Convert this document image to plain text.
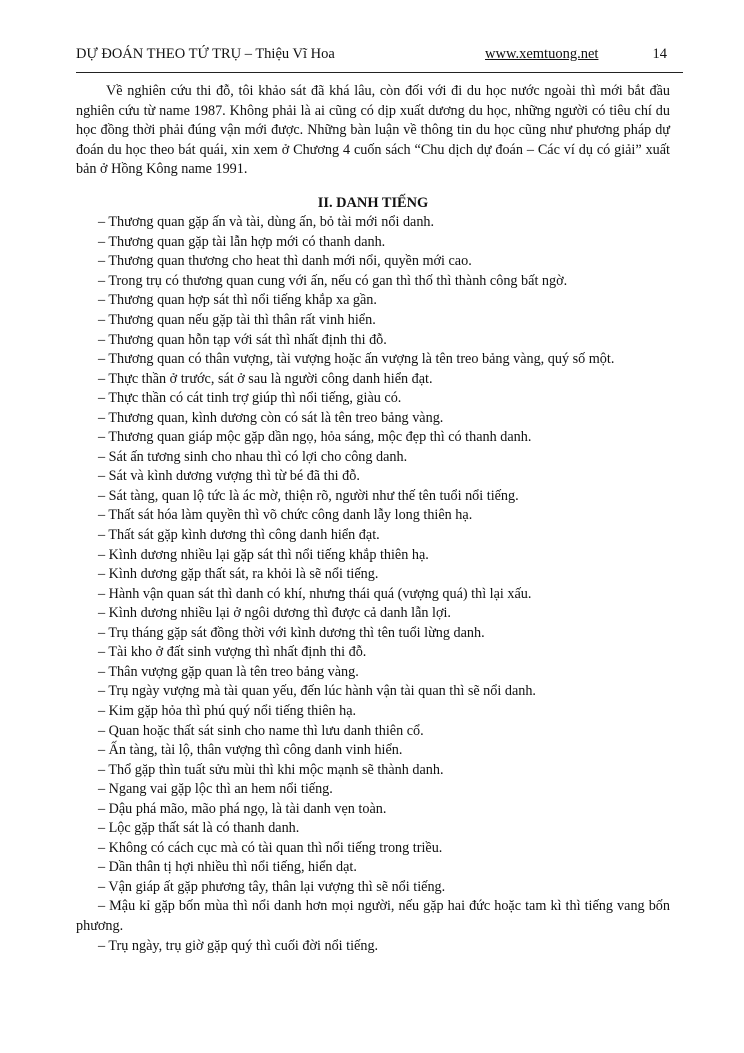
DỰ ĐOÁN THEO TỨ TRỤ – Thiệu Vĩ Hoa	www.xemtuong.net	14

Về nghiên cứu thi đỗ, tôi khảo sát đã khá lâu, còn đối với đi du học nước ngoài thì mới bắt đầu nghiên cứu từ name 1987. Không phải là ai cũng có dịp xuất dương du học, những người có tiêu chí du học đồng thời phải đúng vận mới được. Những bàn luận về thông tin du học cũng như phương pháp dự đoán du học theo bát quái, xin xem ở Chương 4 cuốn sách “Chu dịch dự đoán – Các ví dụ có giải” xuất bản ở Hồng Kông name 1991.

II. DANH TIẾNG
– Thương quan gặp ấn và tài, dùng ấn, bỏ tài mới nổi danh.
– Thương quan gặp tài lẫn hợp mới có thanh danh.
– Thương quan thương cho heat thì danh mới nổi, quyền mới cao.
– Trong trụ có thương quan cung với ấn, nếu có gan thì thố thì thành công bất ngờ.
– Thương quan hợp sát thì nổi tiếng khắp xa gần.
– Thương quan nếu gặp tài thì thân rất vinh hiển.
– Thương quan hỗn tạp với sát thì nhất định thi đỗ.
– Thương quan có thân vượng, tài vượng hoặc ấn vượng là tên treo bảng vàng, quý số một.
– Thực thần ở trước, sát ở sau là người công danh hiển đạt.
– Thực thần có cát tinh trợ giúp thì nổi tiếng, giàu có.
– Thương quan, kình dương còn có sát là tên treo bảng vàng.
– Thương quan giáp mộc gặp dần ngọ, hỏa sáng, mộc đẹp thì có thanh danh.
– Sát ấn tương sinh cho nhau thì có lợi cho công danh.
– Sát và kình dương vượng thì từ bé đã thi đỗ.
– Sát tàng, quan lộ tức là ác mờ, thiện rõ, người như thế tên tuổi nổi tiếng.
– Thất sát hóa làm quyền thì võ chức công danh lẫy long thiên hạ.
– Thất sát gặp kình dương thì công danh hiển đạt.
– Kình dương nhiều lại gặp sát thì nổi tiếng khắp thiên hạ.
– Kình dương gặp thất sát, ra khỏi là sẽ nổi tiếng.
– Hành vận quan sát thì danh có khí, nhưng thái quá (vượng quá) thì lại xấu.
– Kình dương nhiều lại ở ngôi dương thì được cả danh lẫn lợi.
– Trụ tháng gặp sát đồng thời với kình dương thì tên tuổi lừng danh.
– Tài kho ở đất sinh vượng thì nhất định thi đỗ.
– Thân vượng gặp quan là tên treo bảng vàng.
– Trụ ngày vượng mà tài quan yếu, đến lúc hành vận tài quan thì sẽ nổi danh.
– Kim gặp hỏa thì phú quý nổi tiếng thiên hạ.
– Quan hoặc thất sát sinh cho name thì lưu danh thiên cổ.
– Ấn tàng, tài lộ, thân vượng thì công danh vinh hiển.
– Thổ gặp thìn tuất sửu mùi thì khi mộc mạnh sẽ thành danh.
– Ngang vai gặp lộc thì an hem nổi tiếng.
– Dậu phá mão, mão phá ngọ, là tài danh vẹn toàn.
– Lộc gặp thất sát là có thanh danh.
– Không có cách cục mà có tài quan thì nổi tiếng trong triều.
– Dần thân tị hợi nhiều thì nổi tiếng, hiển dạt.
– Vận giáp ất gặp phương tây, thân lại vượng thì sẽ nổi tiếng.
– Mậu kỉ gặp bốn mùa thì nổi danh hơn mọi người, nếu gặp hai đức hoặc tam kì thì tiếng vang bốn phương.
– Trụ ngày, trụ giờ gặp quý thì cuối đời nổi tiếng.
